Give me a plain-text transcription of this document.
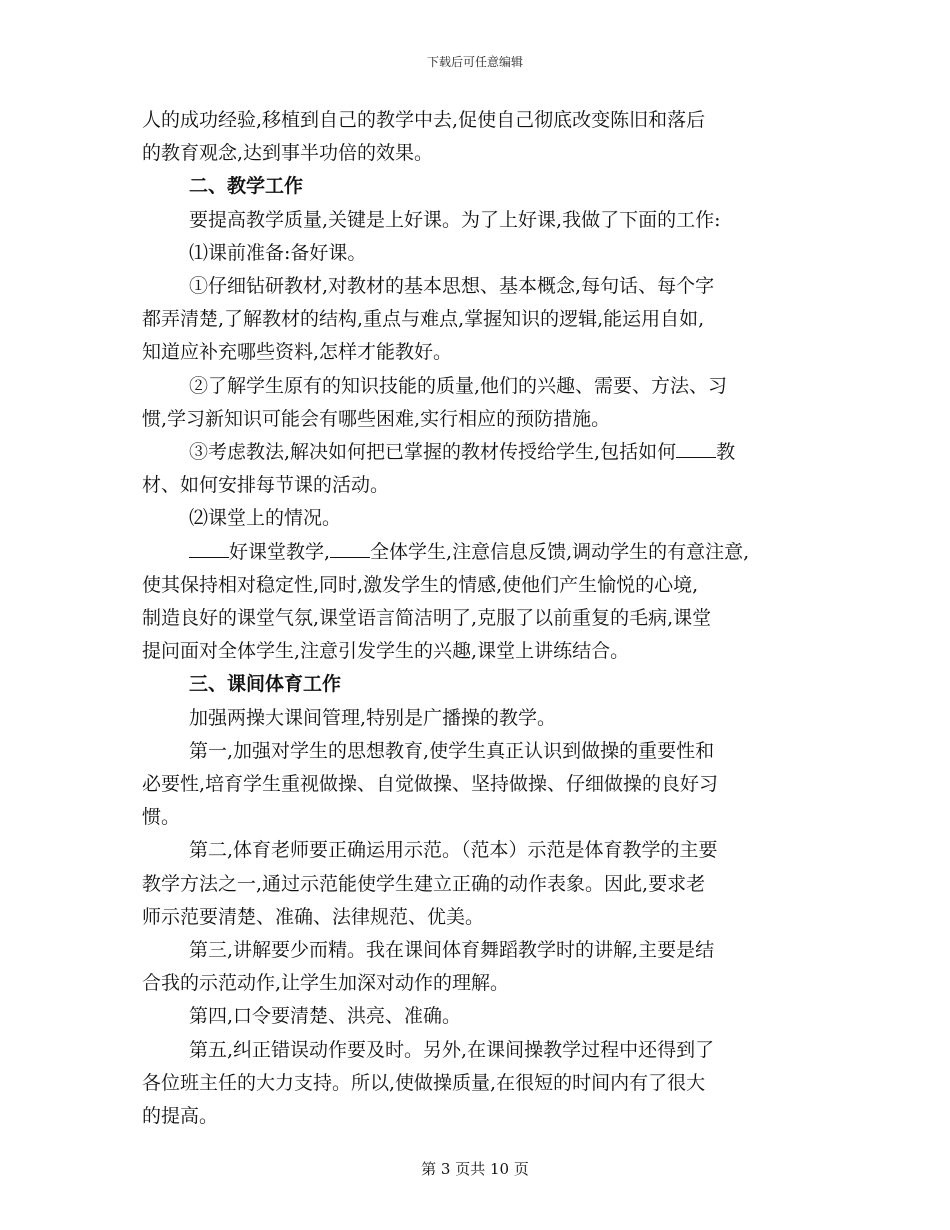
下载后可任意编辑
人的成功经验,移植到自己的教学中去,促使自己彻底改变陈旧和落后
的教育观念,达到事半功倍的效果。
二、教学工作
要提高教学质量,关键是上好课。为了上好课,我做了下面的工作:
⑴课前准备:备好课。
①仔细钻研教材,对教材的基本思想、基本概念,每句话、每个字
都弄清楚,了解教材的结构,重点与难点,掌握知识的逻辑,能运用自如,
知道应补充哪些资料,怎样才能教好。
②了解学生原有的知识技能的质量,他们的兴趣、需要、方法、习
惯,学习新知识可能会有哪些困难,实行相应的预防措施。
③考虑教法,解决如何把已掌握的教材传授给学生,包括如何 教
材、如何安排每节课的活动。
⑵课堂上的情况。
好课堂教学, 全体学生,注意信息反馈,调动学生的有意注意,
使其保持相对稳定性,同时,激发学生的情感,使他们产生愉悦的心境,
制造良好的课堂气氛,课堂语言简洁明了,克服了以前重复的毛病,课堂
提问面对全体学生,注意引发学生的兴趣,课堂上讲练结合。
三、课间体育工作
加强两操大课间管理,特别是广播操的教学。
第一,加强对学生的思想教育,使学生真正认识到做操的重要性和
必要性,培育学生重视做操、自觉做操、坚持做操、仔细做操的良好习
惯。
第二,体育老师要正确运用示范。（范本）示范是体育教学的主要
教学方法之一,通过示范能使学生建立正确的动作表象。因此,要求老
师示范要清楚、准确、法律规范、优美。
第三,讲解要少而精。我在课间体育舞蹈教学时的讲解,主要是结
合我的示范动作,让学生加深对动作的理解。
第四,口令要清楚、洪亮、准确。
第五,纠正错误动作要及时。另外,在课间操教学过程中还得到了
各位班主任的大力支持。所以,使做操质量,在很短的时间内有了很大
的提高。
第 3 页共 10 页
